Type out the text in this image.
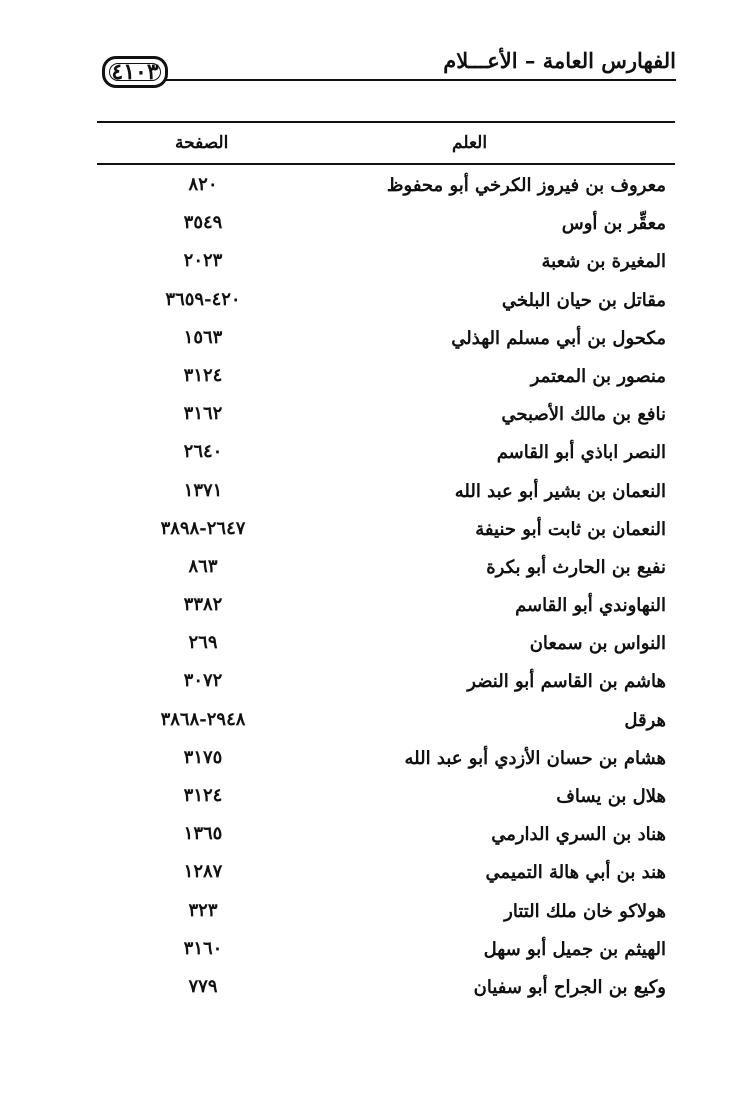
الفهارس العامة – الأعـــلام
٤١٠٣
العلم
الصفحة
معروف بن فيروز الكرخي أبو محفوظ
٨٢٠
معقِّر بن أوس
٣٥٤٩
المغيرة بن شعبة
٢٠٢٣
مقاتل بن حيان البلخي
٤٢٠-٣٦٥٩
مكحول بن أبي مسلم الهذلي
١٥٦٣
منصور بن المعتمر
٣١٢٤
نافع بن مالك الأصبحي
٣١٦٢
النصر اباذي أبو القاسم
٢٦٤٠
النعمان بن بشير أبو عبد الله
١٣٧١
النعمان بن ثابت أبو حنيفة
٢٦٤٧-٣٨٩٨
نفيع بن الحارث أبو بكرة
٨٦٣
النهاوندي أبو القاسم
٣٣٨٢
النواس بن سمعان
٢٦٩
هاشم بن القاسم أبو النضر
٣٠٧٢
هرقل
٢٩٤٨-٣٨٦٨
هشام بن حسان الأزدي أبو عبد الله
٣١٧٥
هلال بن يساف
٣١٢٤
هناد بن السري الدارمي
١٣٦٥
هند بن أبي هالة التميمي
١٢٨٧
هولاكو خان ملك التتار
٣٢٣
الهيثم بن جميل أبو سهل
٣١٦٠
وكيع بن الجراح أبو سفيان
٧٧٩
